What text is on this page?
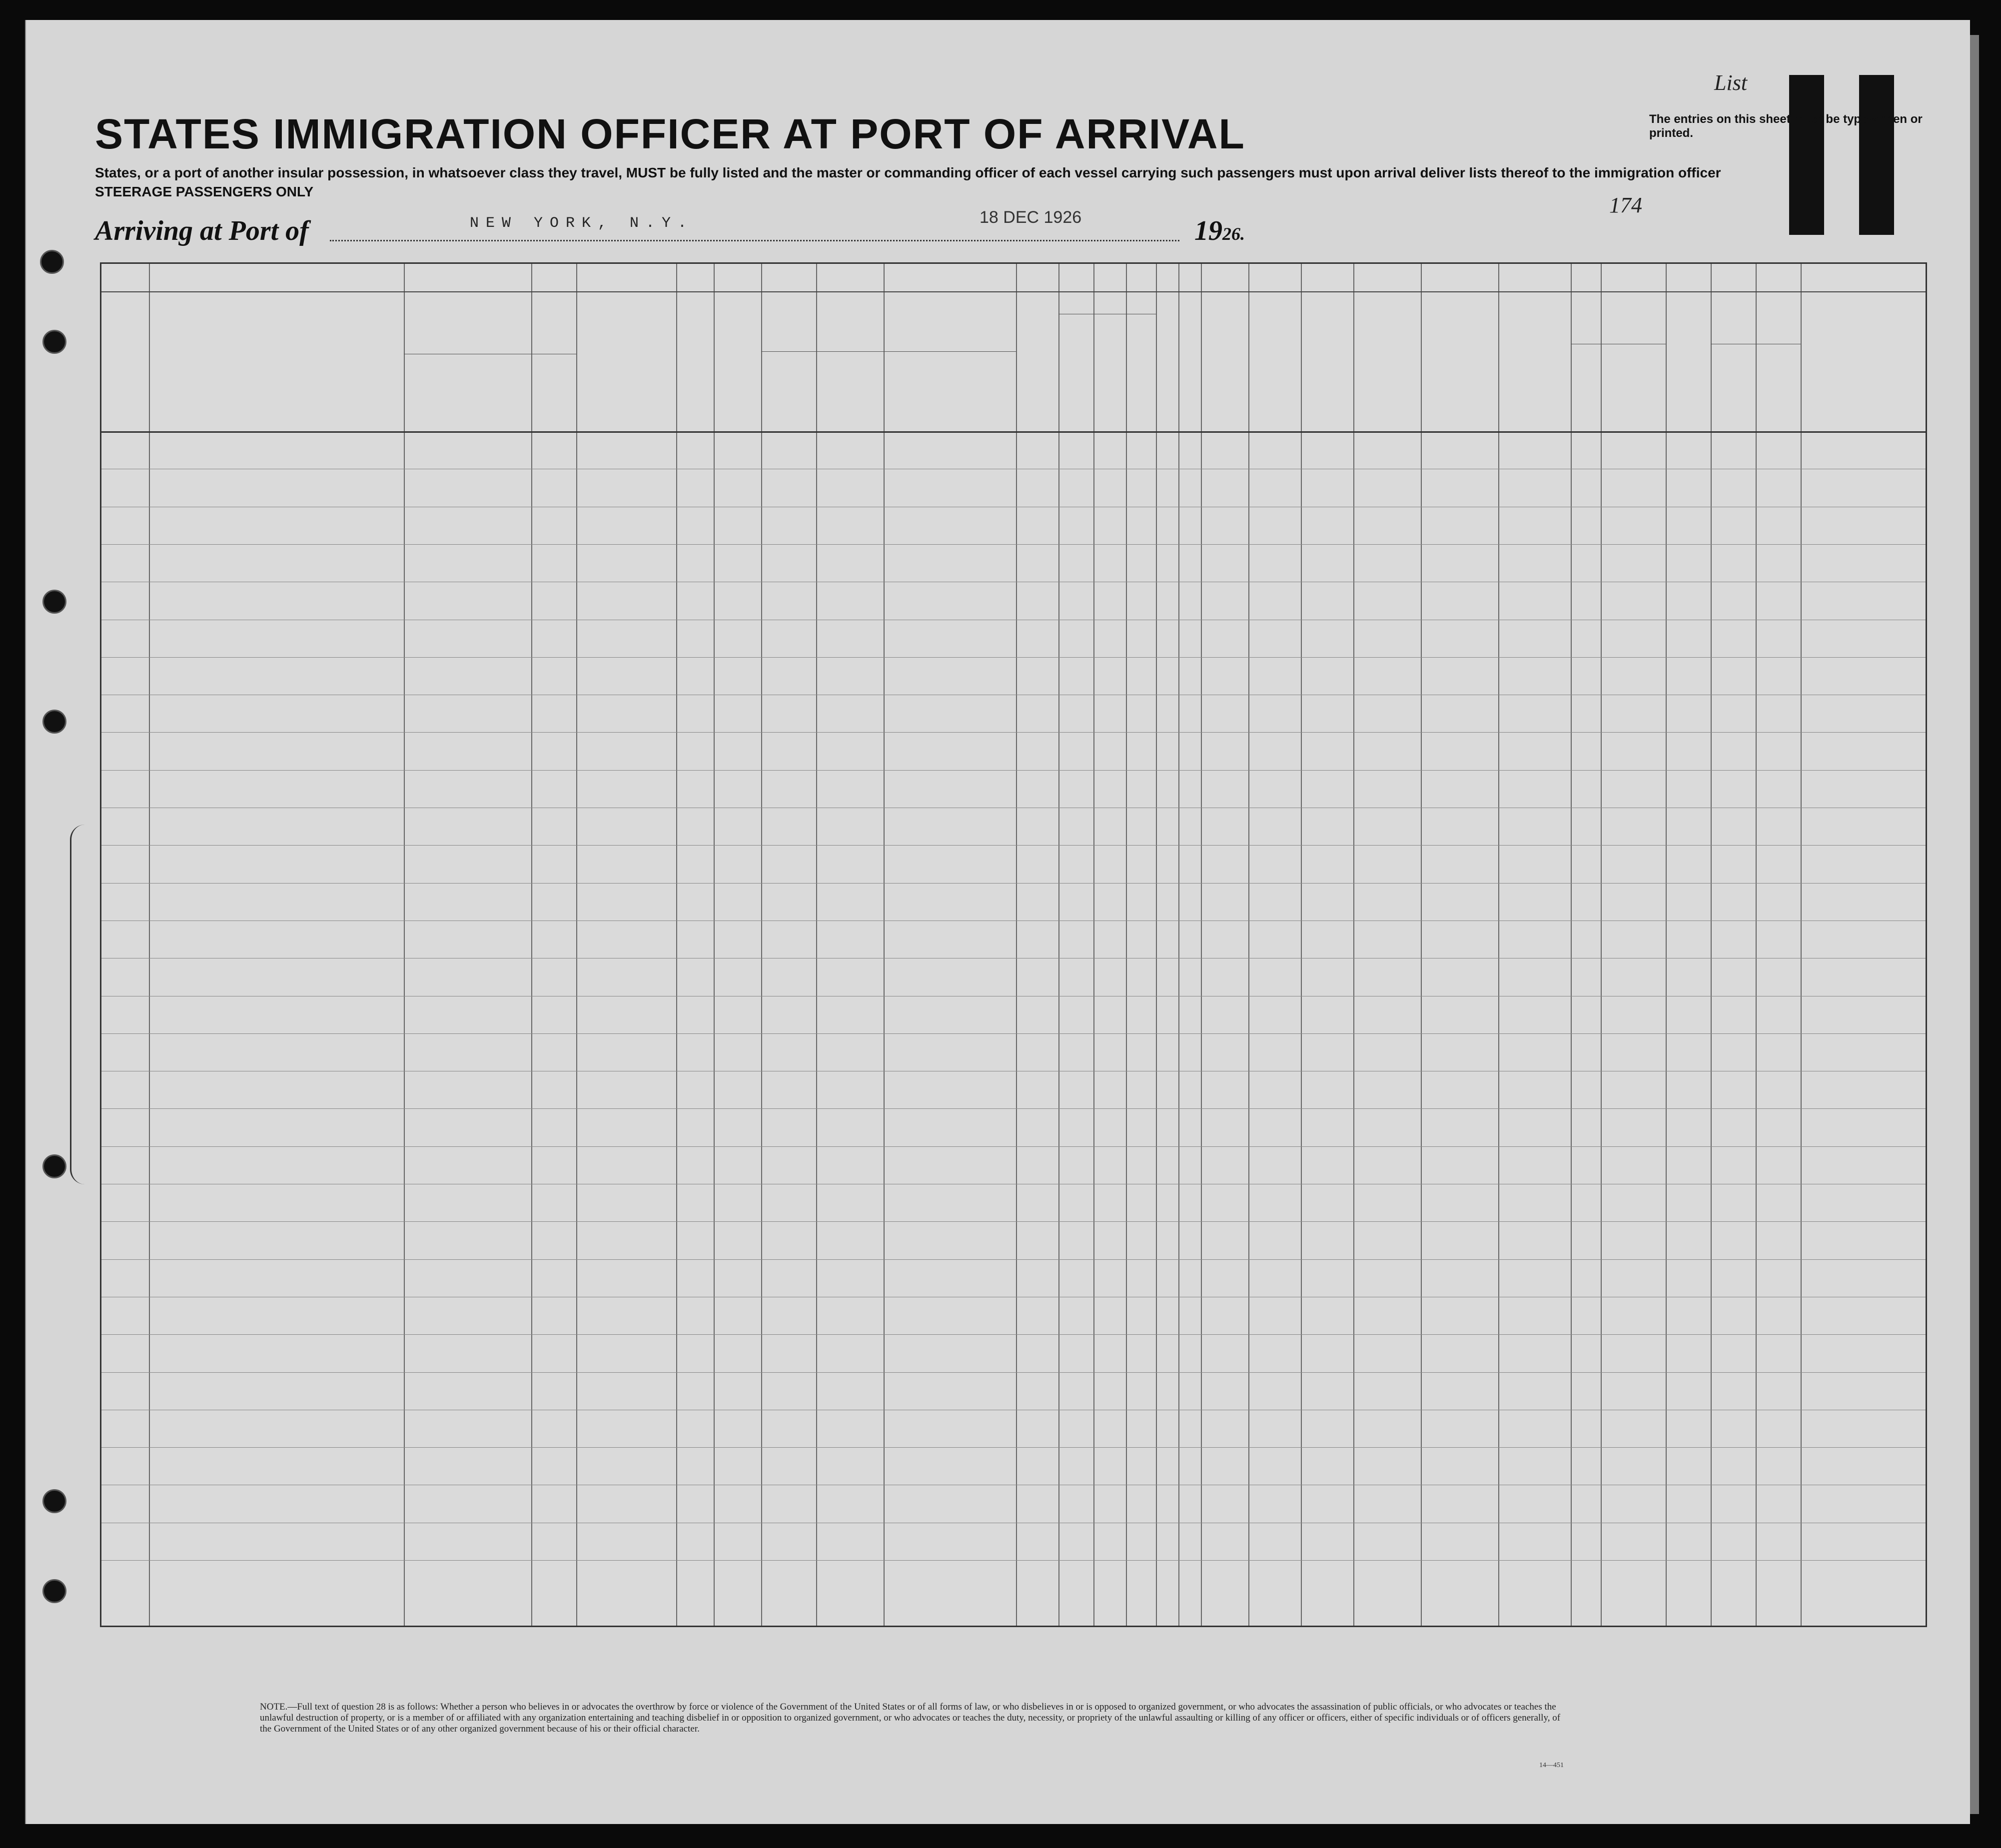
STATES IMMIGRATION OFFICER AT PORT OF ARRIVAL
States, or a port of another insular possession, in whatsoever class they travel, MUST be fully listed and the master or commanding officer of each vessel carrying such passengers must upon arrival deliver lists thereof to the immigration officer
STEERAGE PASSENGERS ONLY
Arriving at Port of	NEW YORK, N.Y.	18 DEC 1926	1926.
174
List
The entries on this sheet must be typewritten or printed.
NOTE.—Full text of question 28 is as follows: Whether a person who believes in or advocates the overthrow by force or violence of the Government of the United States or of all forms of law, or who disbelieves in or is opposed to organized government, or who advocates the assassination of public officials, or who advocates or teaches the unlawful destruction of property, or is a member of or affiliated with any organization entertaining and teaching disbelief in or opposition to organized government, or who advocates or teaches the duty, necessity, or propriety of the unlawful assaulting or killing of any officer or officers, either of specific individuals or of officers generally, of the Government of the United States or of any other organized government because of his or their official character.
14—451
